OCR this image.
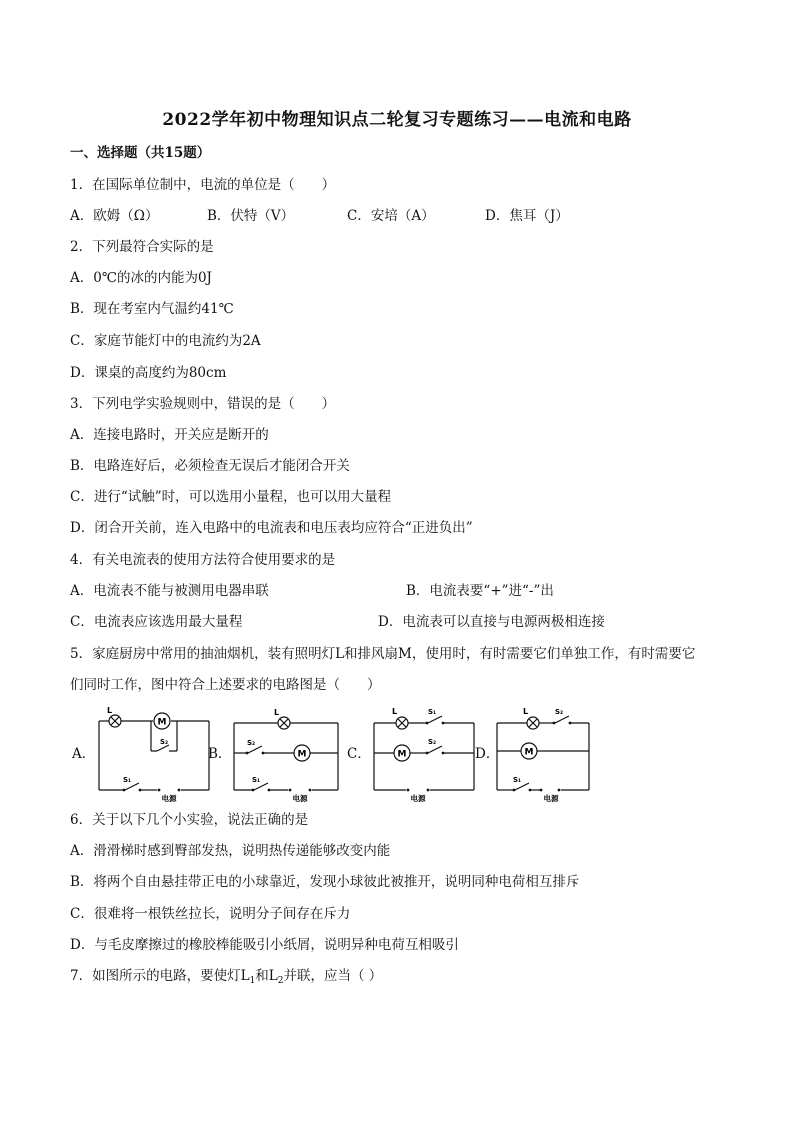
2022学年初中物理知识点二轮复习专题练习——电流和电路
一、选择题（共15题）
1．在国际单位制中，电流的单位是（　　）
A．欧姆（Ω）	B．伏特（V）	C．安培（A）	D．焦耳（J）
2．下列最符合实际的是
A．0℃的冰的内能为0J
B．现在考室内气温约41℃
C．家庭节能灯中的电流约为2A
D．课桌的高度约为80cm
3．下列电学实验规则中，错误的是（　　）
A．连接电路时，开关应是断开的
B．电路连好后，必须检查无误后才能闭合开关
C．进行“试触”时，可以选用小量程，也可以用大量程
D．闭合开关前，连入电路中的电流表和电压表均应符合“正进负出”
4．有关电流表的使用方法符合使用要求的是
A．电流表不能与被测用电器串联	B．电流表要“+”进“-”出
C．电流表应该选用最大量程	D．电流表可以直接与电源两极相连接
5．家庭厨房中常用的抽油烟机，装有照明灯L和排风扇M，使用时，有时需要它们单独工作，有时需要它
们同时工作，图中符合上述要求的电路图是（　　）
A．	B．	C．	D．
M
L
S₂
S₁
电源
M
L
S₂
S₁
电源
M
L	S₁
S₂
电源
M
L	S₂
S₁
电源
6．关于以下几个小实验，说法正确的是
A．滑滑梯时感到臀部发热，说明热传递能够改变内能
B．将两个自由悬挂带正电的小球靠近，发现小球彼此被推开，说明同种电荷相互排斥
C．很难将一根铁丝拉长，说明分子间存在斥力
D．与毛皮摩擦过的橡胶棒能吸引小纸屑，说明异种电荷互相吸引
7．如图所示的电路，要使灯$L_1$和$L_2$并联，应当（ ）
